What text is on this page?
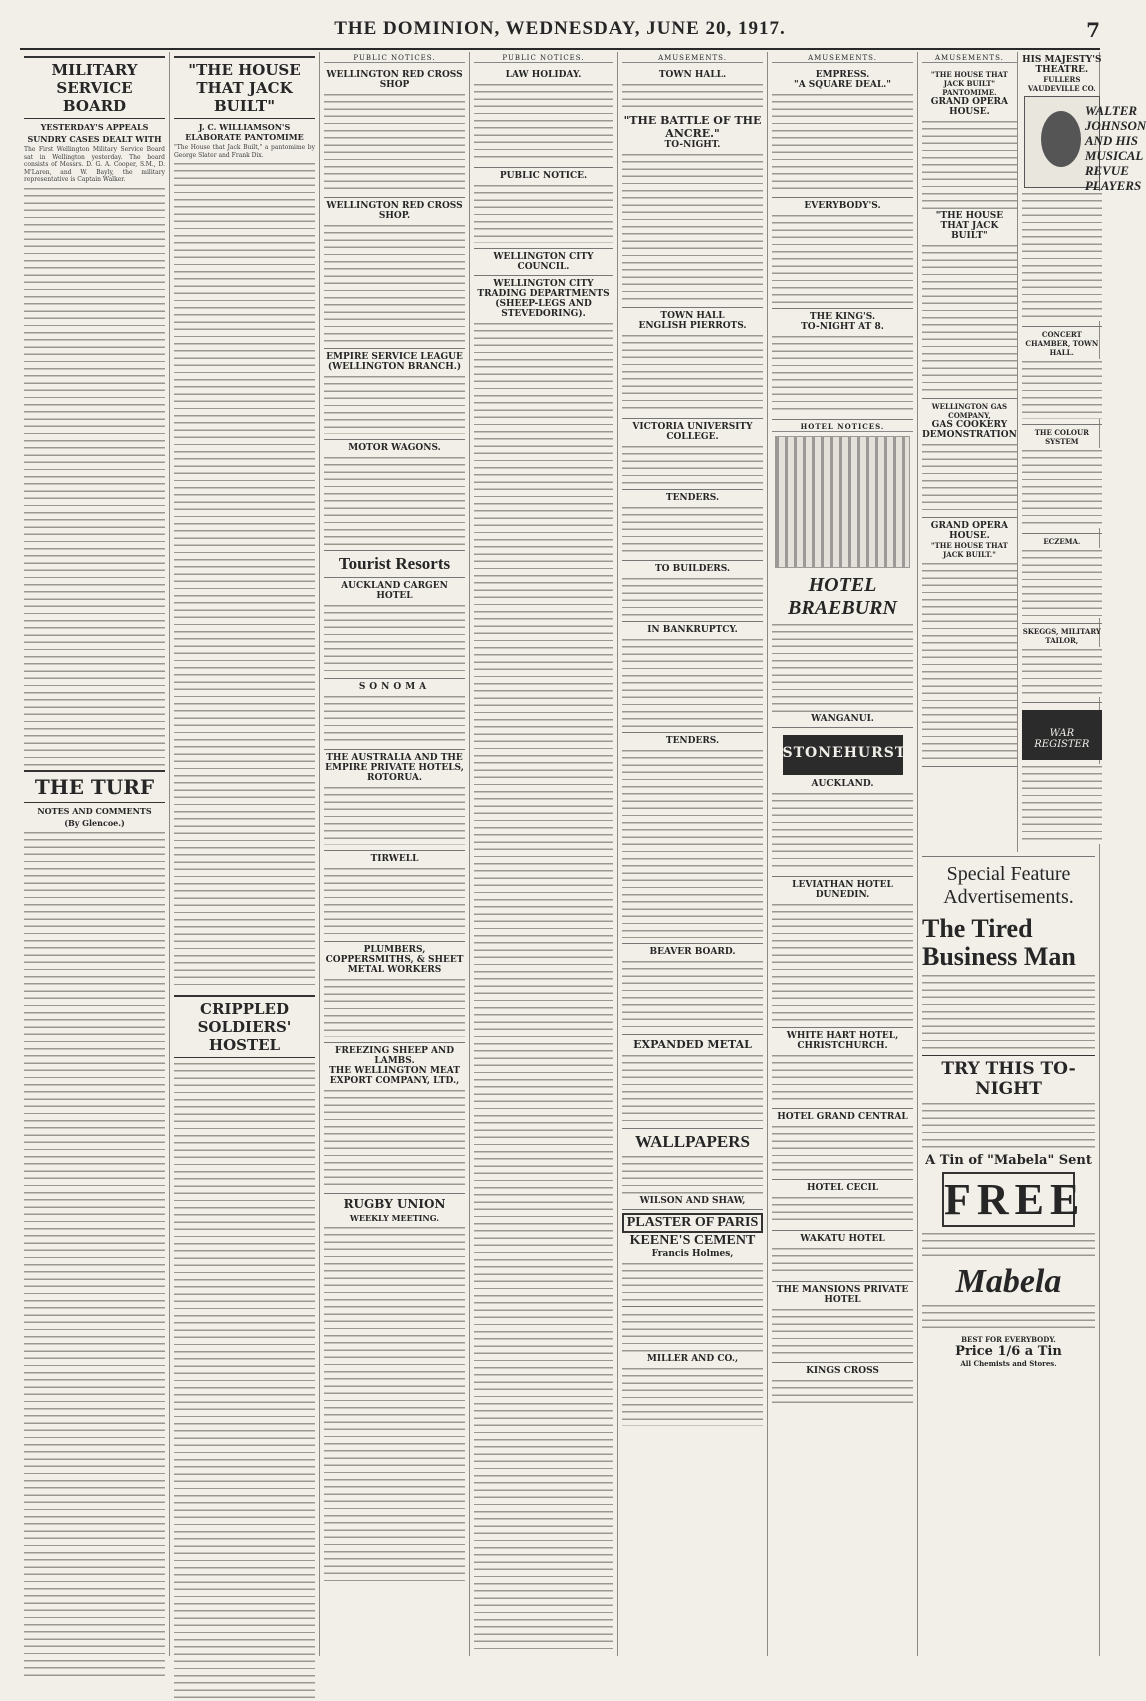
THE DOMINION, WEDNESDAY, JUNE 20, 1917.	7
MILITARY SERVICE BOARD
YESTERDAY'S APPEALS
SUNDRY CASES DEALT WITH
The First Wellington Military Service Board sat in Wellington yesterday. The board consists of Messrs. D. G. A. Cooper, S.M., D. M'Laren, and W. Bayly, the military representative is Captain Walker.
THE TURF
NOTES AND COMMENTS
(By Glencoe.)
"THE HOUSE THAT JACK BUILT"
J. C. WILLIAMSON'S ELABORATE PANTOMIME
"The House that Jack Built," a pantomime by George Slater and Frank Dix.
CRIPPLED SOLDIERS' HOSTEL
PUBLIC NOTICES.
WELLINGTON RED CROSS SHOP
WELLINGTON RED CROSS SHOP.
EMPIRE SERVICE LEAGUE (WELLINGTON BRANCH.)
MOTOR WAGONS.
Tourist Resorts
AUCKLAND CARGEN HOTEL
SONOMA
THE AUSTRALIA AND THE EMPIRE PRIVATE HOTELS, ROTORUA.
TIRWELL
PLUMBERS, COPPERSMITHS, & SHEET METAL WORKERS
FREEZING SHEEP AND LAMBS.
THE WELLINGTON MEAT EXPORT COMPANY, LTD.,
RUGBY UNION
WEEKLY MEETING.
PUBLIC NOTICES.
LAW HOLIDAY.
PUBLIC NOTICE.
WELLINGTON CITY COUNCIL.
WELLINGTON CITY TRADING DEPARTMENTS (SHEEP-LEGS AND STEVEDORING).
AMUSEMENTS.
TOWN HALL.
"THE BATTLE OF THE ANCRE."
TO-NIGHT.
TOWN HALL
ENGLISH PIERROTS.
VICTORIA UNIVERSITY COLLEGE.
TENDERS.
TO BUILDERS.
IN BANKRUPTCY.
TENDERS.
BEAVER BOARD.
EXPANDED METAL
WALLPAPERS
WILSON AND SHAW,
PLASTER OF PARIS
KEENE'S CEMENT
Francis Holmes,
MILLER AND CO.,
AMUSEMENTS.
EMPRESS.
"A SQUARE DEAL."
EVERYBODY'S.
THE KING'S.
TO-NIGHT AT 8.
HOTEL NOTICES.
HOTEL BRAEBURN
WANGANUI.
STONEHURST.
AUCKLAND.
LEVIATHAN HOTEL
DUNEDIN.
WHITE HART HOTEL, CHRISTCHURCH.
HOTEL GRAND CENTRAL
HOTEL CECIL
WAKATU HOTEL
THE MANSIONS PRIVATE HOTEL
KINGS CROSS
AMUSEMENTS.
"THE HOUSE THAT JACK BUILT" PANTOMIME.
GRAND OPERA HOUSE.
"THE HOUSE THAT JACK BUILT"
WELLINGTON GAS COMPANY,
GAS COOKERY DEMONSTRATION
GRAND OPERA HOUSE.
"THE HOUSE THAT JACK BUILT."
HIS MAJESTY'S THEATRE.
FULLERS VAUDEVILLE CO.
WALTER JOHNSON AND HIS MUSICAL REVUE PLAYERS
CONCERT CHAMBER, TOWN HALL.
THE COLOUR SYSTEM
ECZEMA.
SKEGGS, MILITARY TAILOR,
WAR REGISTER
Special Feature Advertisements.
The Tired Business Man
TRY THIS TO-NIGHT
A Tin of "Mabela" Sent
FREE
Mabela
BEST FOR EVERYBODY.
Price 1/6 a Tin
All Chemists and Stores.
